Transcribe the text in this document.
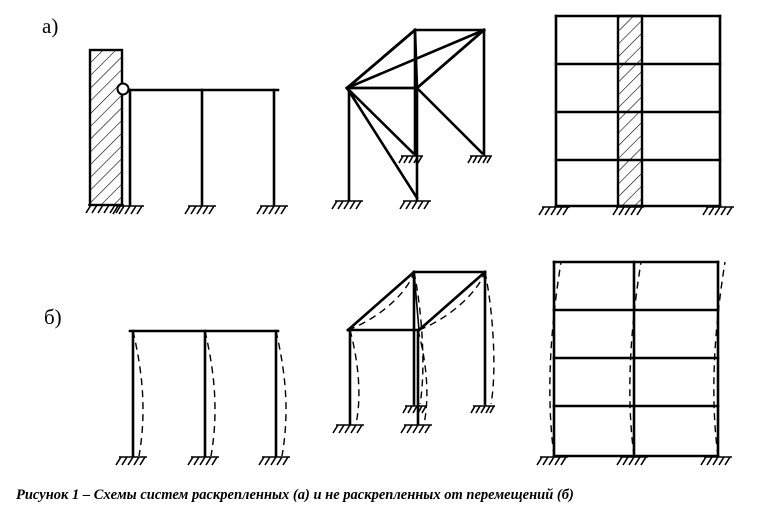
а)
б)
Рисунок 1 – Схемы систем раскрепленных (а) и не раскрепленных от перемещений (б)
